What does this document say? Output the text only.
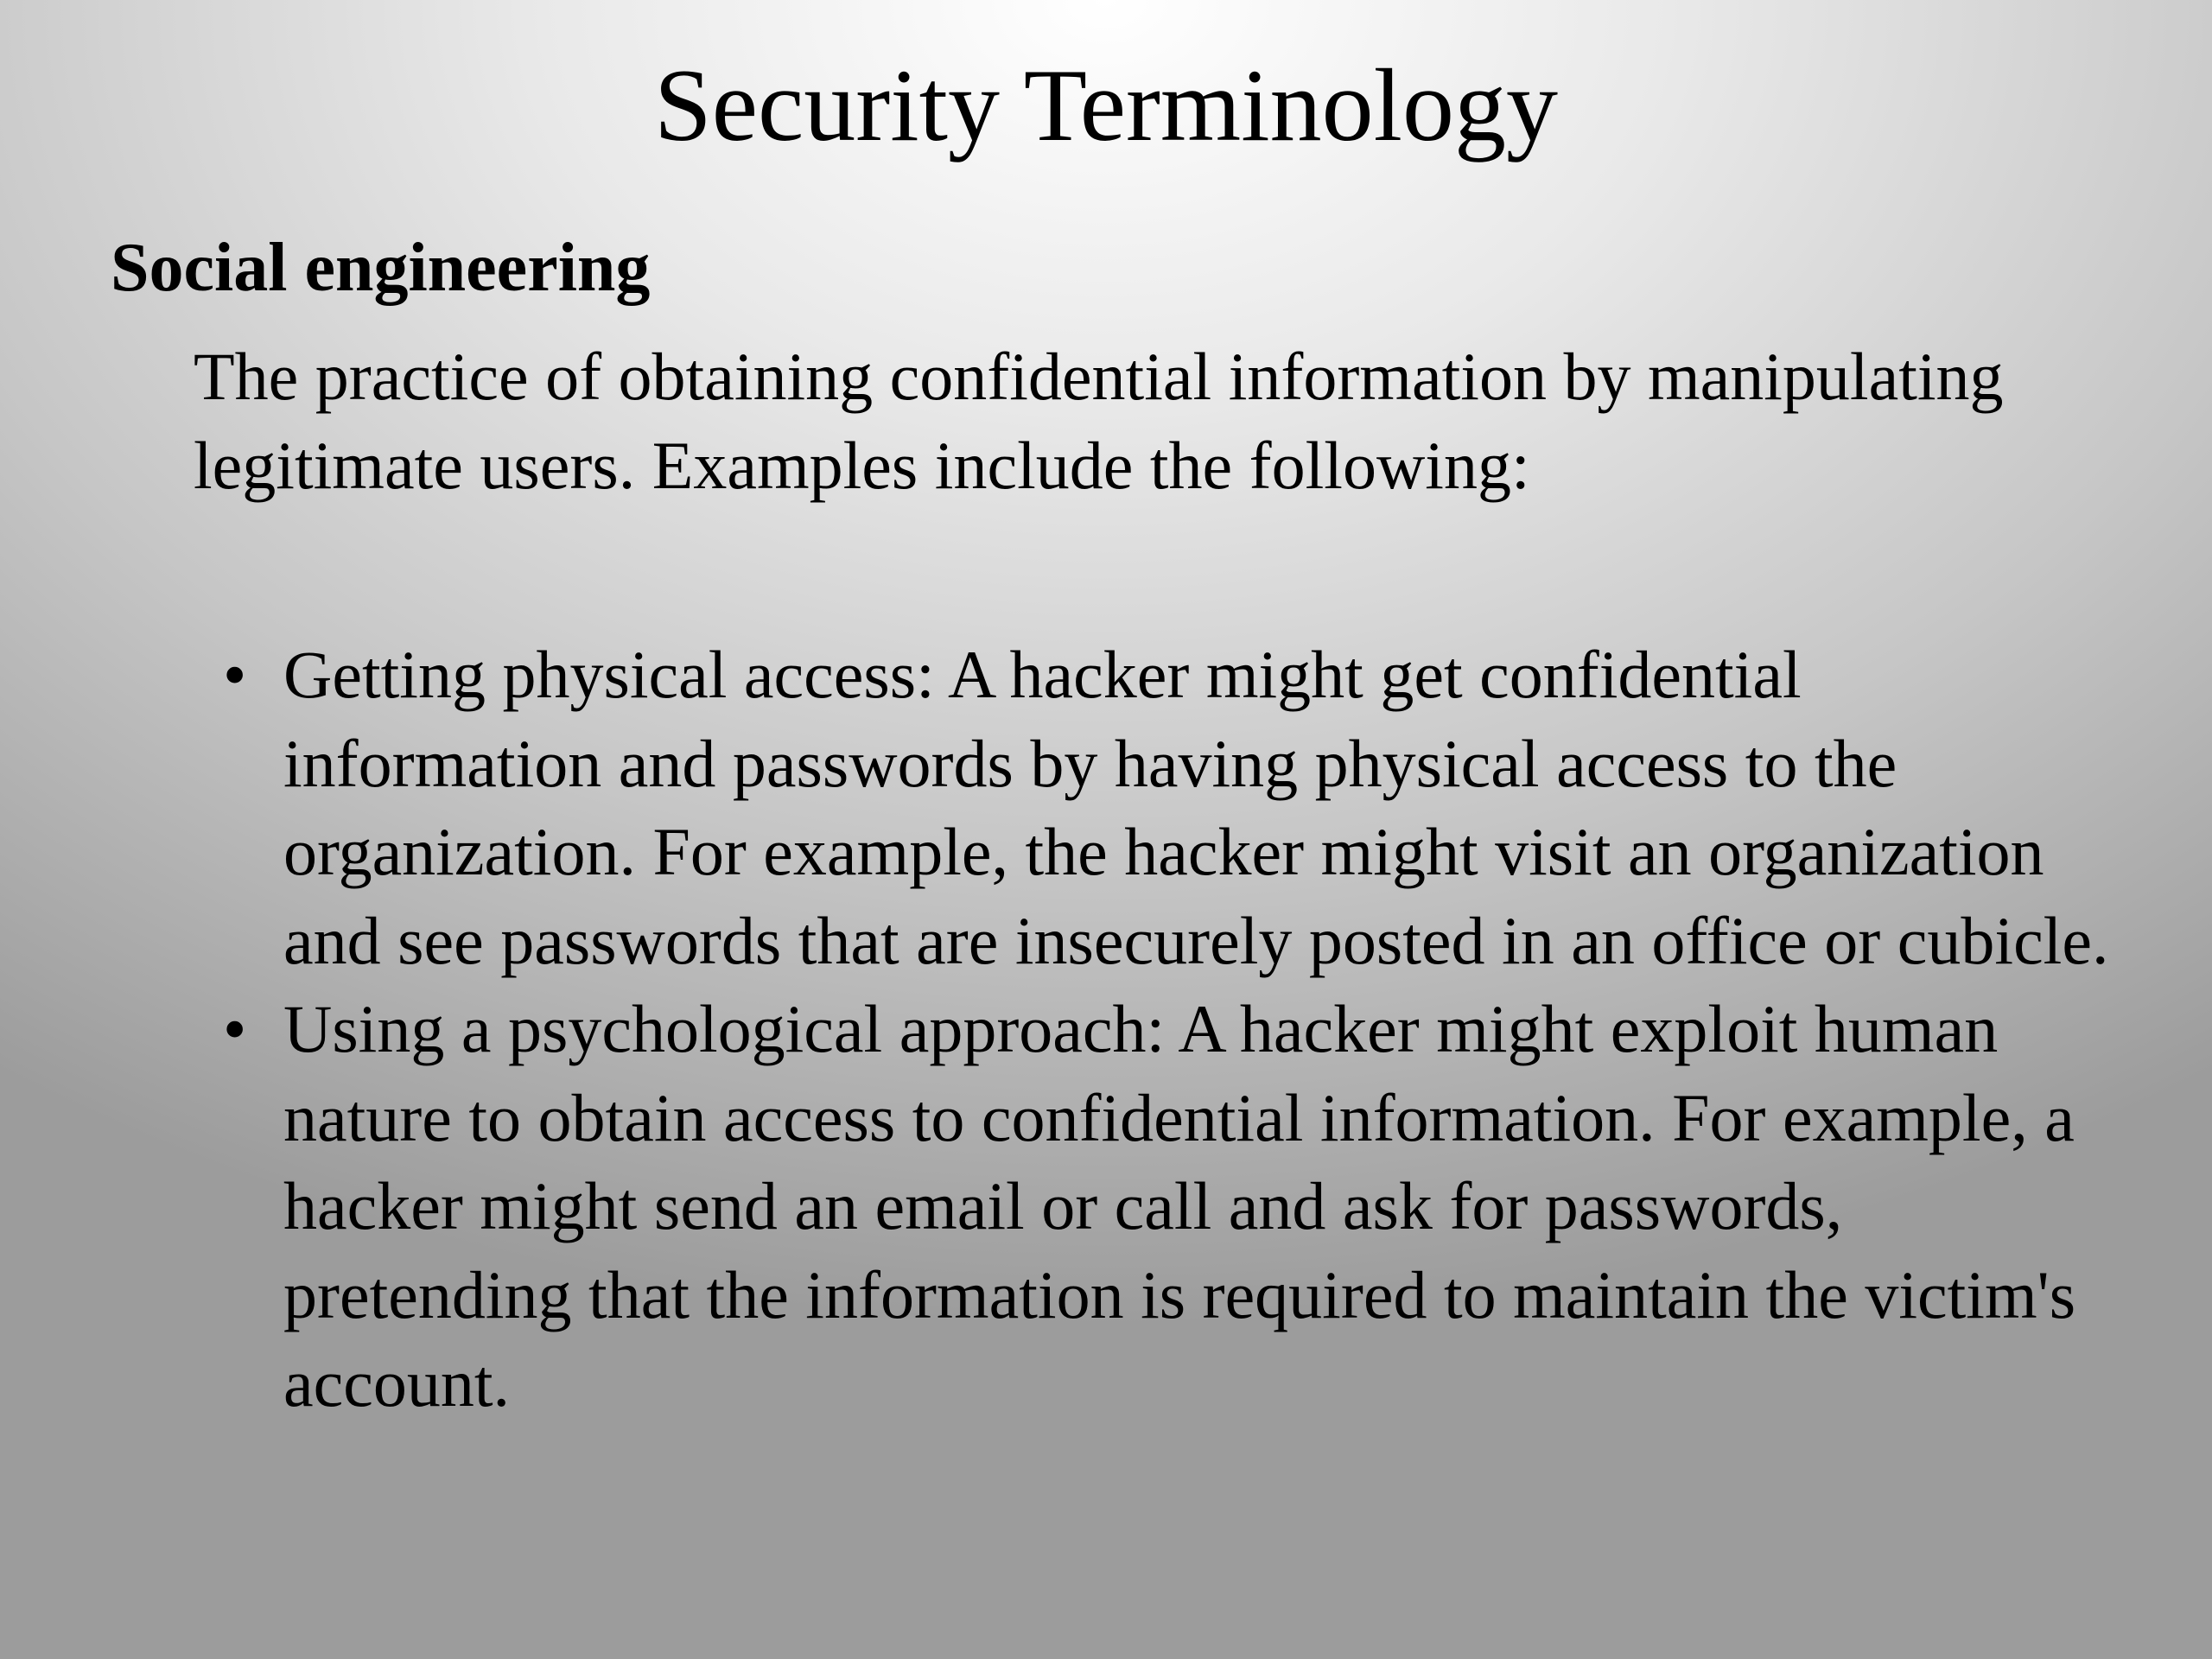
Security Terminology
Social engineering

The practice of obtaining confidential information by manipulating legitimate users. Examples include the following:

• Getting physical access: A hacker might get confidential information and passwords by having physical access to the organization. For example, the hacker might visit an organization and see passwords that are insecurely posted in an office or cubicle.
• Using a psychological approach: A hacker might exploit human nature to obtain access to confidential information. For example, a hacker might send an email or call and ask for passwords, pretending that the information is required to maintain the victim's account.
